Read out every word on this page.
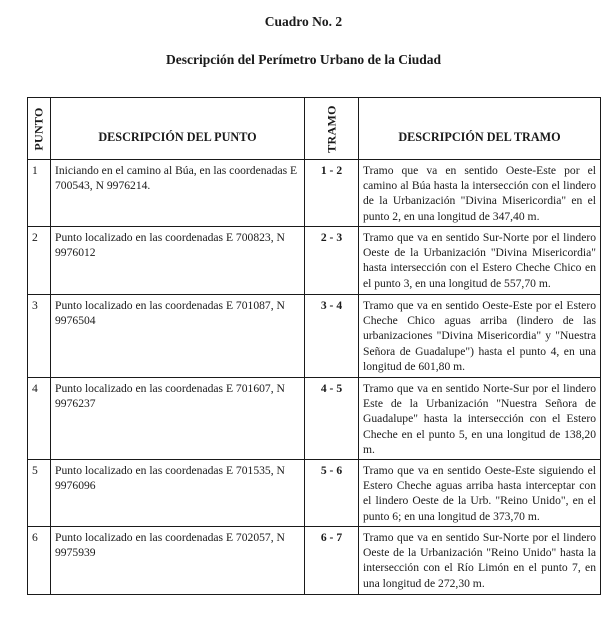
Cuadro No. 2
Descripción del Perímetro Urbano de la Ciudad
PUNTO	DESCRIPCIÓN DEL PUNTO	TRAMO	DESCRIPCIÓN DEL TRAMO

1	Iniciando en el camino al Búa, en las coordenadas E 700543, N 9976214.	1 - 2	Tramo que va en sentido Oeste-Este por el camino al Búa hasta la intersección con el lindero de la Urbanización "Divina Misericordia" en el punto 2, en una longitud de 347,40 m.
2	Punto localizado en las coordenadas E 700823, N 9976012	2 - 3	Tramo que va en sentido Sur-Norte por el lindero Oeste de la Urbanización "Divina Misericordia" hasta intersección con el Estero Cheche Chico en el punto 3, en una longitud de 557,70 m.
3	Punto localizado en las coordenadas E 701087, N 9976504	3 - 4	Tramo que va en sentido Oeste-Este por el Estero Cheche Chico aguas arriba (lindero de las urbanizaciones "Divina Misericordia" y "Nuestra Señora de Guadalupe") hasta el punto 4, en una longitud de 601,80 m.
4	Punto localizado en las coordenadas E 701607, N 9976237	4 - 5	Tramo que va en sentido Norte-Sur por el lindero Este de la Urbanización "Nuestra Señora de Guadalupe" hasta la intersección con el Estero Cheche en el punto 5, en una longitud de 138,20 m.
5	Punto localizado en las coordenadas E 701535, N 9976096	5 - 6	Tramo que va en sentido Oeste-Este siguiendo el Estero Cheche aguas arriba hasta interceptar con el lindero Oeste de la Urb. "Reino Unido", en el punto 6; en una longitud de 373,70 m.
6	Punto localizado en las coordenadas E 702057, N 9975939	6 - 7	Tramo que va en sentido Sur-Norte por el lindero Oeste de la Urbanización "Reino Unido" hasta la intersección con el Río Limón en el punto 7, en una longitud de 272,30 m.
